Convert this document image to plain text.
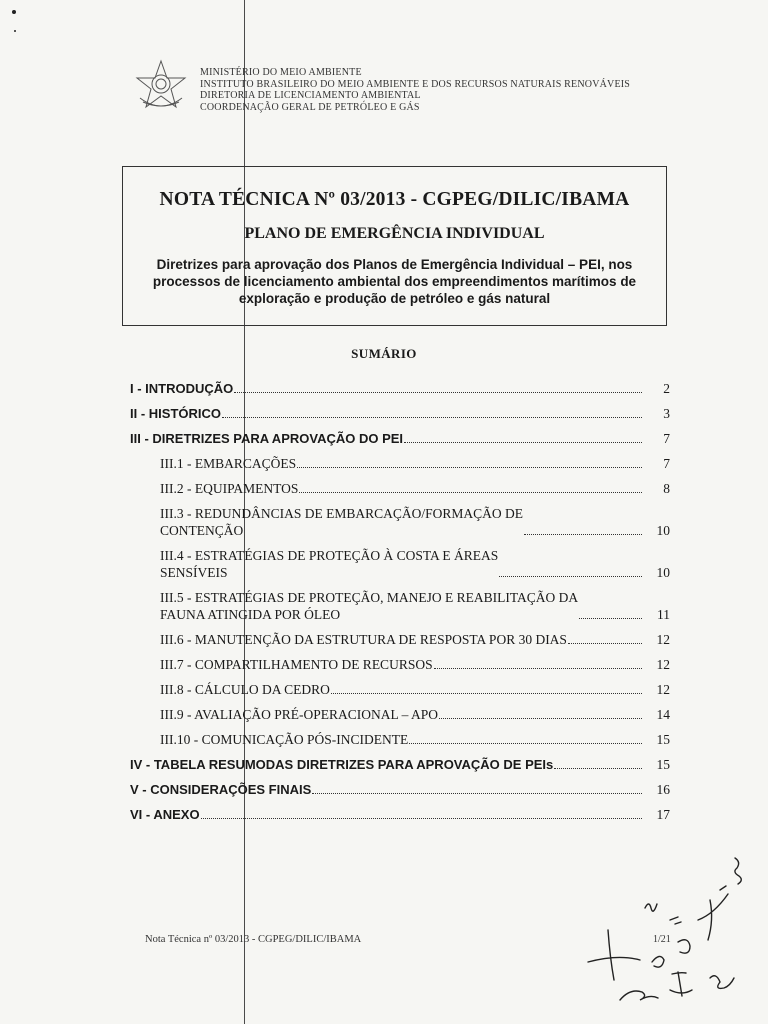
MINISTÉRIO DO MEIO AMBIENTE
INSTITUTO BRASILEIRO DO MEIO AMBIENTE E DOS RECURSOS NATURAIS RENOVÁVEIS
DIRETORIA DE LICENCIAMENTO AMBIENTAL
COORDENAÇÃO GERAL DE PETRÓLEO E GÁS
NOTA TÉCNICA Nº 03/2013 - CGPEG/DILIC/IBAMA
PLANO DE EMERGÊNCIA INDIVIDUAL
Diretrizes para aprovação dos Planos de Emergência Individual – PEI, nos processos de licenciamento ambiental dos empreendimentos marítimos de exploração e produção de petróleo e gás natural
SUMÁRIO
I - INTRODUÇÃO	2
II - HISTÓRICO	3
III - DIRETRIZES PARA APROVAÇÃO DO PEI	7
III.1 - EMBARCAÇÕES	7
III.2 - EQUIPAMENTOS	8
III.3 - REDUNDÂNCIAS DE EMBARCAÇÃO/FORMAÇÃO DE
CONTENÇÃO	10
III.4 - ESTRATÉGIAS DE PROTEÇÃO À COSTA E ÁREAS
SENSÍVEIS	10
III.5 - ESTRATÉGIAS DE PROTEÇÃO, MANEJO E REABILITAÇÃO DA
FAUNA ATINGIDA POR ÓLEO	11
III.6 - MANUTENÇÃO DA ESTRUTURA DE RESPOSTA POR 30 DIAS	12
III.7 - COMPARTILHAMENTO DE RECURSOS	12
III.8 - CÁLCULO DA CEDRO	12
III.9 - AVALIAÇÃO PRÉ-OPERACIONAL – APO	14
III.10 - COMUNICAÇÃO PÓS-INCIDENTE	15
IV - TABELA RESUMODAS DIRETRIZES PARA APROVAÇÃO DE PEIs	15
V - CONSIDERAÇÕES FINAIS	16
VI - ANEXO	17
Nota Técnica nº 03/2013 - CGPEG/DILIC/IBAMA	1/21
